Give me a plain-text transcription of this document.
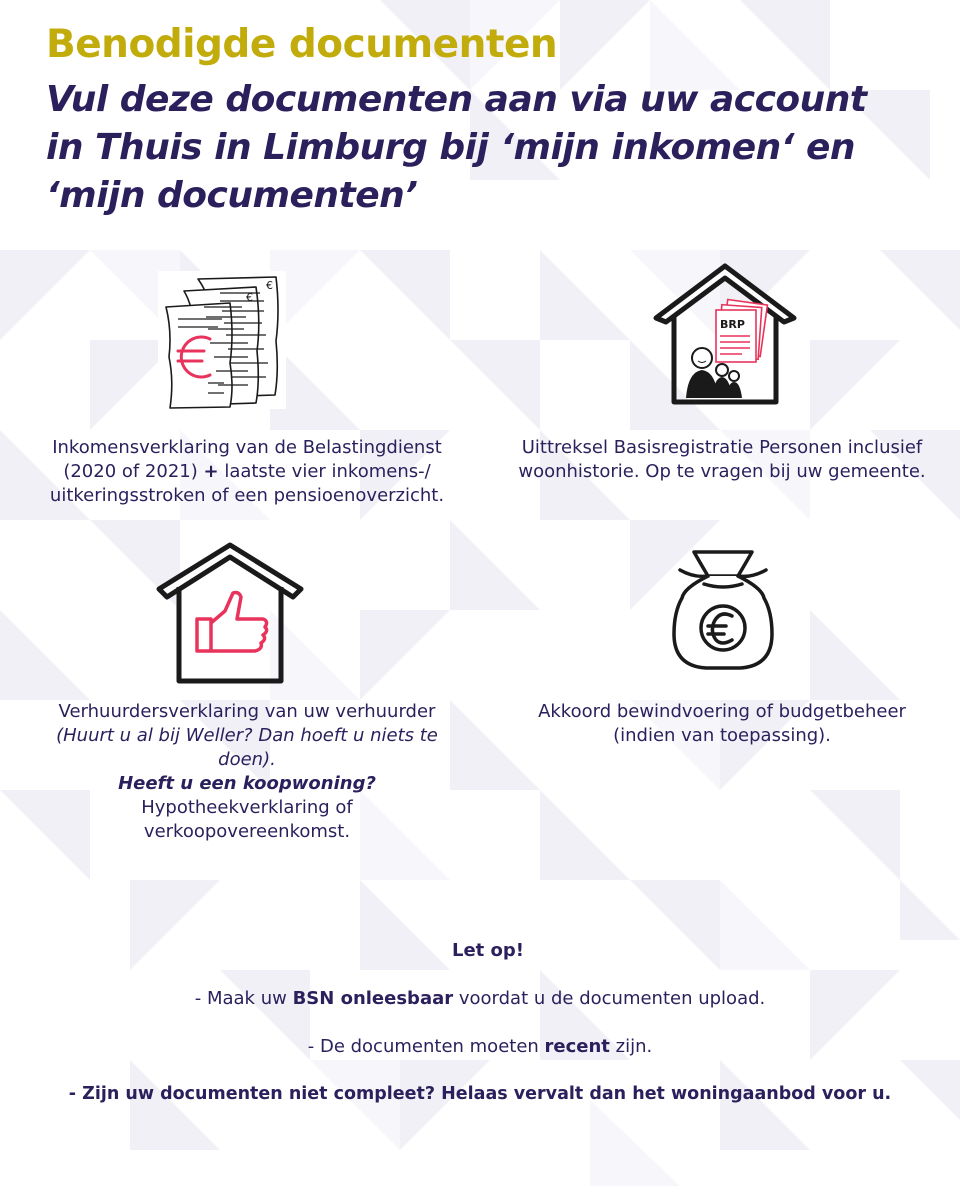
Benodigde documenten
Vul deze documenten aan via uw account in Thuis in Limburg bij ‘mijn inkomen‘ en ‘mijn documenten’
€
€
Inkomensverklaring van de Belastingdienst (2020 of 2021) + laatste vier inkomens-/ uitkeringsstroken of een pensioenoverzicht.
BRP
Uittreksel Basisregistratie Personen inclusief woonhistorie. Op te vragen bij uw gemeente.
Verhuurdersverklaring van uw verhuurder
(Huurt u al bij Weller? Dan hoeft u niets te doen).
Heeft u een koopwoning?
Hypotheekverklaring of verkoopovereenkomst.
Akkoord bewindvoering of budgetbeheer (indien van toepassing).
Let op!
- Maak uw BSN onleesbaar voordat u de documenten upload.
- De documenten moeten recent zijn.
- Zijn uw documenten niet compleet? Helaas vervalt dan het woningaanbod voor u.
